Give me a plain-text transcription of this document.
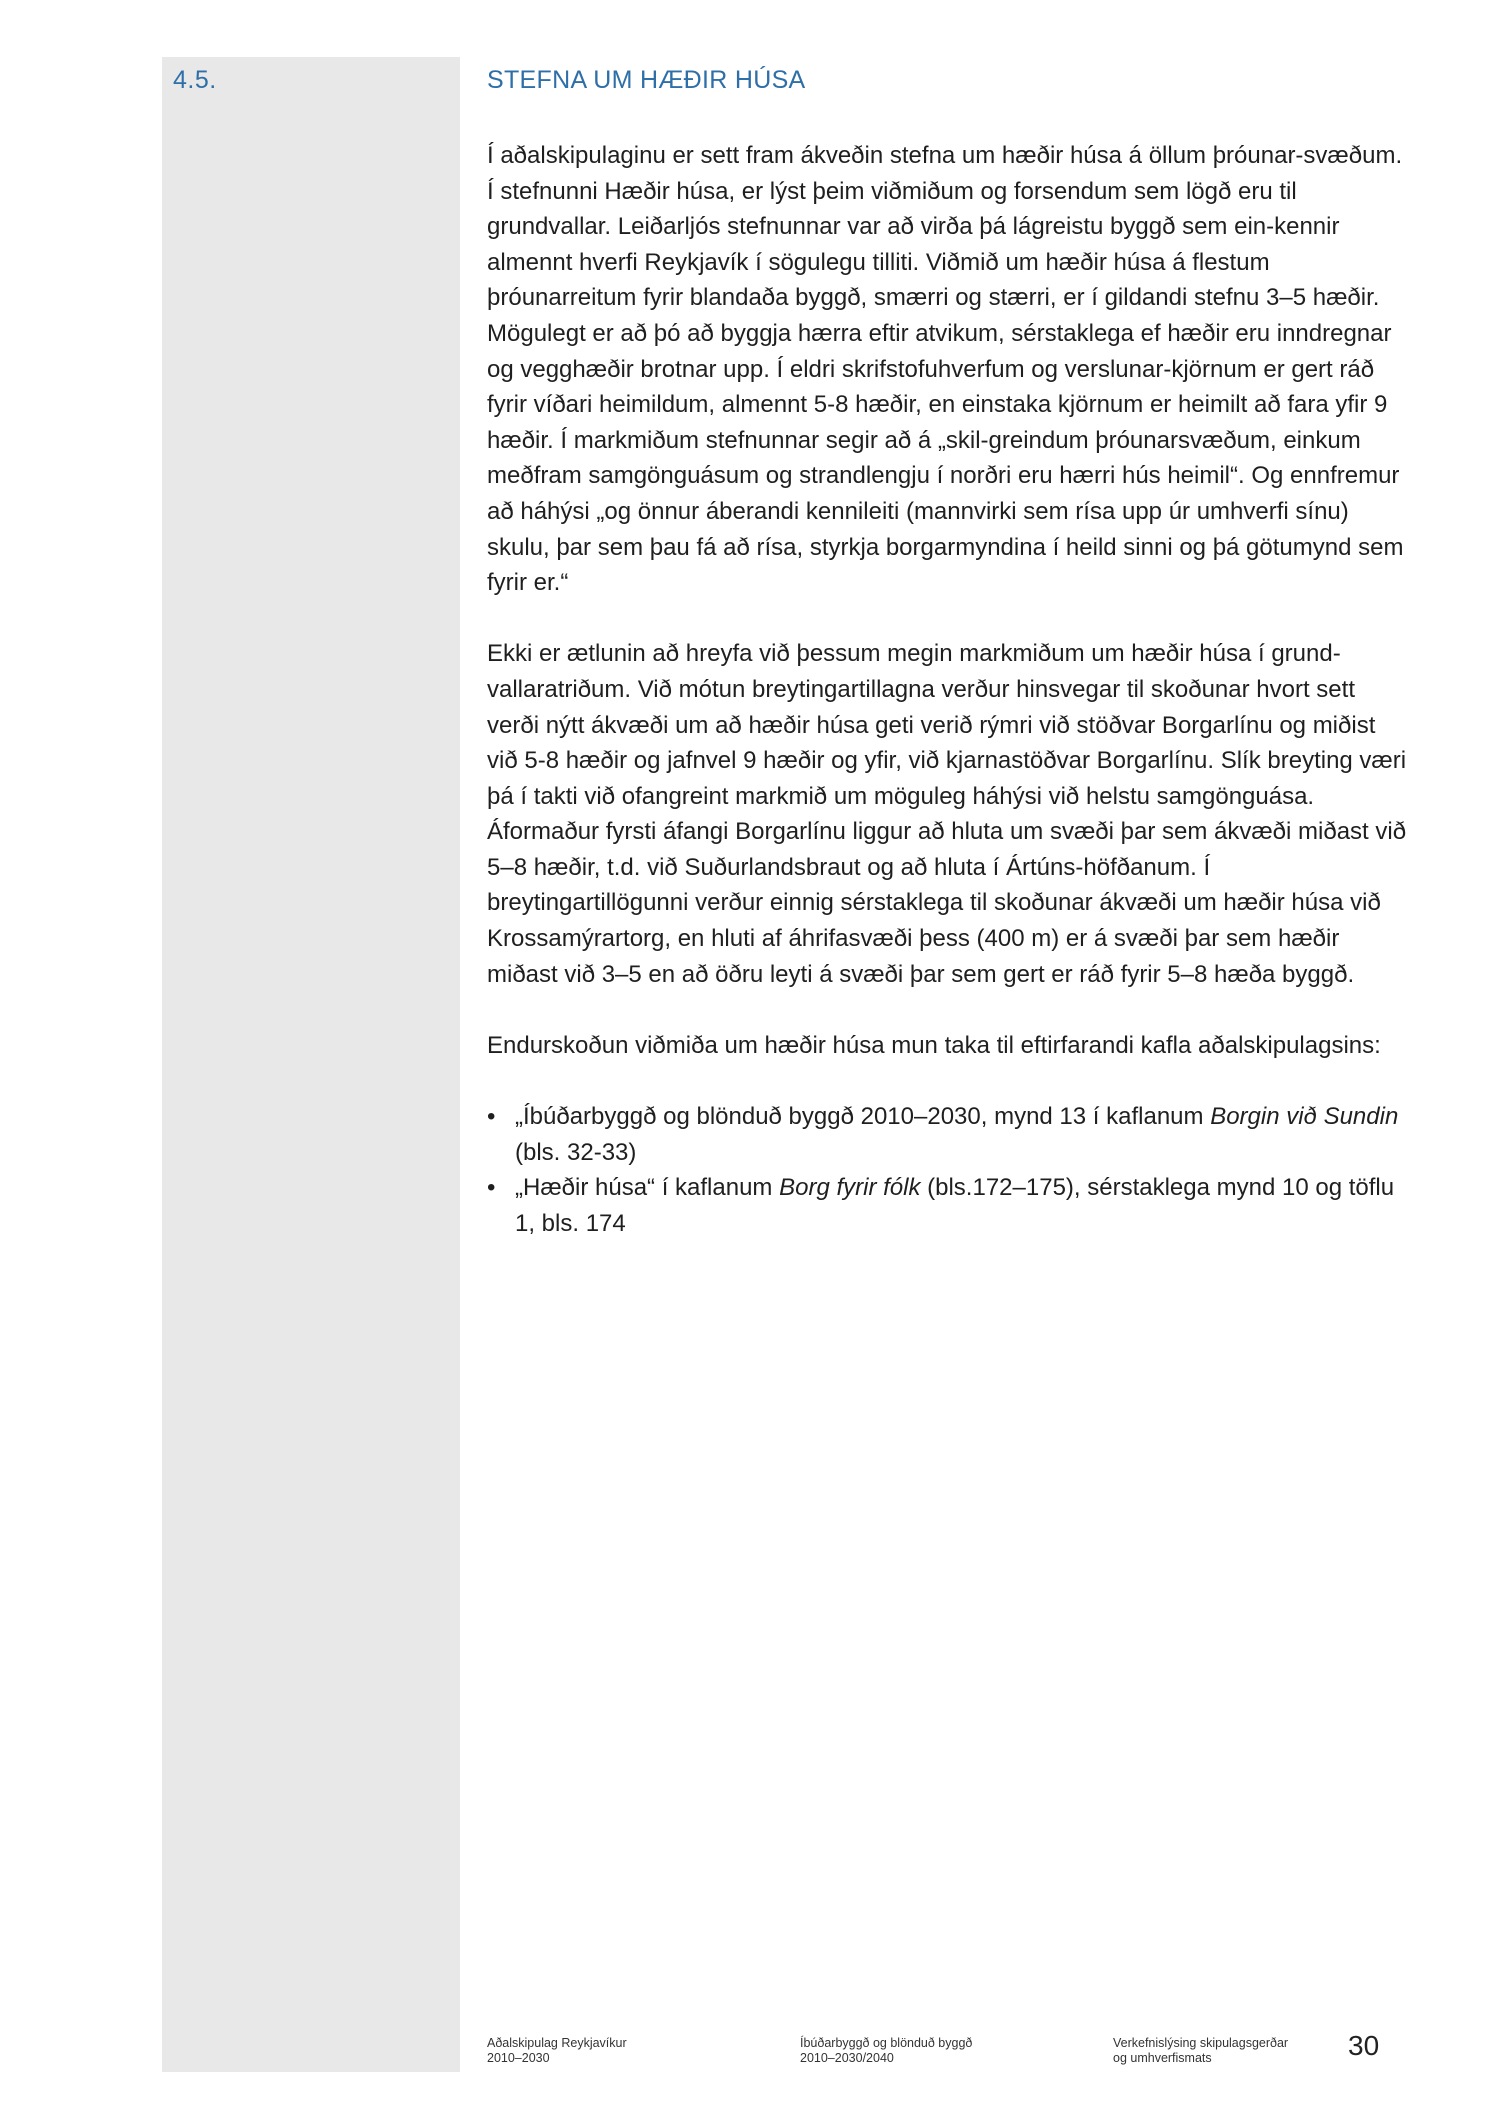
4.5.	STEFNA UM HÆÐIR HÚSA

Í aðalskipulaginu er sett fram ákveðin stefna um hæðir húsa á öllum þróunar-svæðum. Í stefnunni Hæðir húsa, er lýst þeim viðmiðum og forsendum sem lögð eru til grundvallar. Leiðarljós stefnunnar var að virða þá lágreistu byggð sem ein-kennir almennt hverfi Reykjavík í sögulegu tilliti. Viðmið um hæðir húsa á flestum þróunarreitum fyrir blandaða byggð, smærri og stærri, er í gildandi stefnu 3–5 hæðir. Mögulegt er að þó að byggja hærra eftir atvikum, sérstaklega ef hæðir eru inndregnar og vegghæðir brotnar upp. Í eldri skrifstofuhverfum og verslunar-kjörnum er gert ráð fyrir víðari heimildum, almennt 5-8 hæðir, en einstaka kjörnum er heimilt að fara yfir 9 hæðir. Í markmiðum stefnunnar segir að á „skil-greindum þróunarsvæðum, einkum meðfram samgönguásum og strandlengju í norðri eru hærri hús heimil“. Og ennfremur að háhýsi „og önnur áberandi kennileiti (mannvirki sem rísa upp úr umhverfi sínu) skulu, þar sem þau fá að rísa, styrkja borgarmyndina í heild sinni og þá götumynd sem fyrir er.“

Ekki er ætlunin að hreyfa við þessum megin markmiðum um hæðir húsa í grund-vallaratriðum. Við mótun breytingartillagna verður hinsvegar til skoðunar hvort sett verði nýtt ákvæði um að hæðir húsa geti verið rýmri við stöðvar Borgarlínu og miðist við 5-8 hæðir og jafnvel 9 hæðir og yfir, við kjarnastöðvar Borgarlínu. Slík breyting væri þá í takti við ofangreint markmið um möguleg háhýsi við helstu samgönguása. Áformaður fyrsti áfangi Borgarlínu liggur að hluta um svæði þar sem ákvæði miðast við 5–8 hæðir, t.d. við Suðurlandsbraut og að hluta í Ártúns-höfðanum. Í breytingartillögunni verður einnig sérstaklega til skoðunar ákvæði um hæðir húsa við Krossamýrartorg, en hluti af áhrifasvæði þess (400 m) er á svæði þar sem hæðir miðast við 3–5 en að öðru leyti á svæði þar sem gert er ráð fyrir 5–8 hæða byggð.

Endurskoðun viðmiða um hæðir húsa mun taka til eftirfarandi kafla aðalskipulagsins:

• „Íbúðarbyggð og blönduð byggð 2010–2030, mynd 13 í kaflanum Borgin við Sundin (bls. 32-33)
• „Hæðir húsa“ í kaflanum Borg fyrir fólk (bls.172–175), sérstaklega mynd 10 og töflu 1, bls. 174
Aðalskipulag Reykjavíkur
2010–2030
Íbúðarbyggð og blönduð byggð
2010–2030/2040
Verkefnislýsing skipulagsgerðar
og umhverfismats	30
